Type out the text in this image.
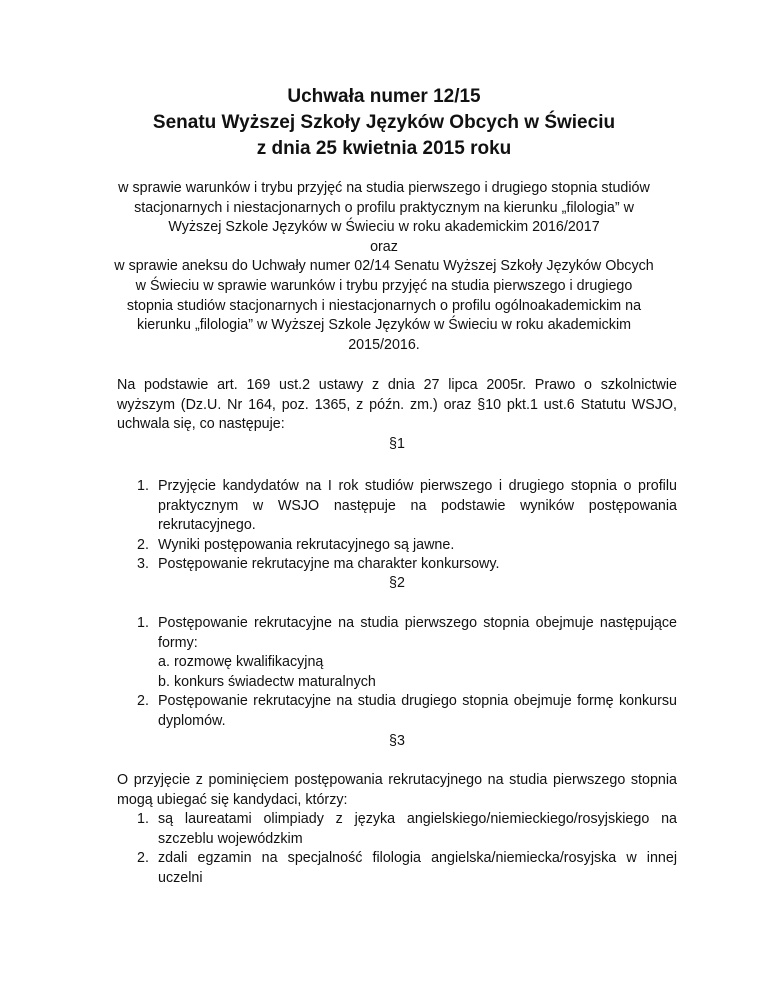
Uchwała numer 12/15
Senatu Wyższej Szkoły Języków Obcych w Świeciu
z dnia 25 kwietnia 2015 roku
w sprawie warunków i trybu przyjęć na studia pierwszego i drugiego stopnia studiów
stacjonarnych i niestacjonarnych o profilu praktycznym na kierunku „filologia” w
Wyższej Szkole Języków w Świeciu w roku akademickim 2016/2017
oraz
w sprawie aneksu do Uchwały numer 02/14 Senatu Wyższej Szkoły Języków Obcych
w Świeciu w sprawie warunków i trybu przyjęć na studia pierwszego i drugiego
stopnia studiów stacjonarnych i niestacjonarnych o profilu ogólnoakademickim na
kierunku „filologia” w Wyższej Szkole Języków w Świeciu w roku akademickim
2015/2016.
Na podstawie art. 169 ust.2 ustawy z dnia 27 lipca 2005r. Prawo o szkolnictwie wyższym (Dz.U. Nr 164, poz. 1365, z późn. zm.) oraz §10 pkt.1 ust.6 Statutu WSJO, uchwala się, co następuje:
§1
1. Przyjęcie kandydatów na I rok studiów pierwszego i drugiego stopnia o profilu praktycznym w WSJO następuje na podstawie wyników postępowania rekrutacyjnego.
2. Wyniki postępowania rekrutacyjnego są jawne.
3. Postępowanie rekrutacyjne ma charakter konkursowy.
§2
1. Postępowanie rekrutacyjne na studia pierwszego stopnia obejmuje następujące formy:
a. rozmowę kwalifikacyjną
b. konkurs świadectw maturalnych
2. Postępowanie rekrutacyjne na studia drugiego stopnia obejmuje formę konkursu dyplomów.
§3
O przyjęcie z pominięciem postępowania rekrutacyjnego na studia pierwszego stopnia mogą ubiegać się kandydaci, którzy:
1. są laureatami olimpiady z języka angielskiego/niemieckiego/rosyjskiego na szczeblu wojewódzkim
2. zdali egzamin na specjalność filologia angielska/niemiecka/rosyjska w innej uczelni
